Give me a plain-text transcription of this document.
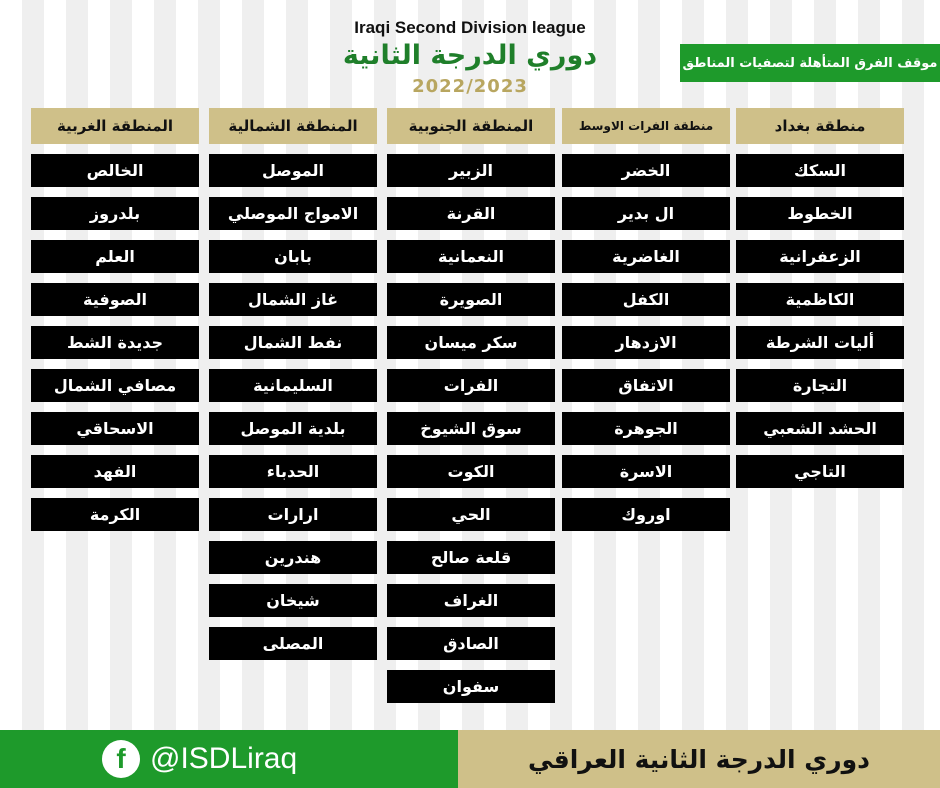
Iraqi Second Division league
دوري الدرجة الثانية
2022/2023
موقف الفرق المتأهلة لتصفيات المناطق
منطقة بغداد
السكك
الخطوط
الزعفرانية
الكاظمية
أليات الشرطة
التجارة
الحشد الشعبي
التاجي
منطقة الفرات الاوسط
الخضر
ال بدير
الغاضرية
الكفل
الازدهار
الاتفاق
الجوهرة
الاسرة
اوروك
المنطقة الجنوبية
الزبير
القرنة
النعمانية
الصويرة
سكر ميسان
الفرات
سوق الشيوخ
الكوت
الحي
قلعة صالح
الغراف
الصادق
سفوان
المنطقة الشمالية
الموصل
الامواج الموصلي
بابان
غاز الشمال
نفط الشمال
السليمانية
بلدية الموصل
الحدباء
ارارات
هندرين
شيخان
المصلى
المنطقة الغربية
الخالص
بلدروز
العلم
الصوفية
جديدة الشط
مصافي الشمال
الاسحاقي
الفهد
الكرمة
f @ISDLiraq	دوري الدرجة الثانية العراقي
